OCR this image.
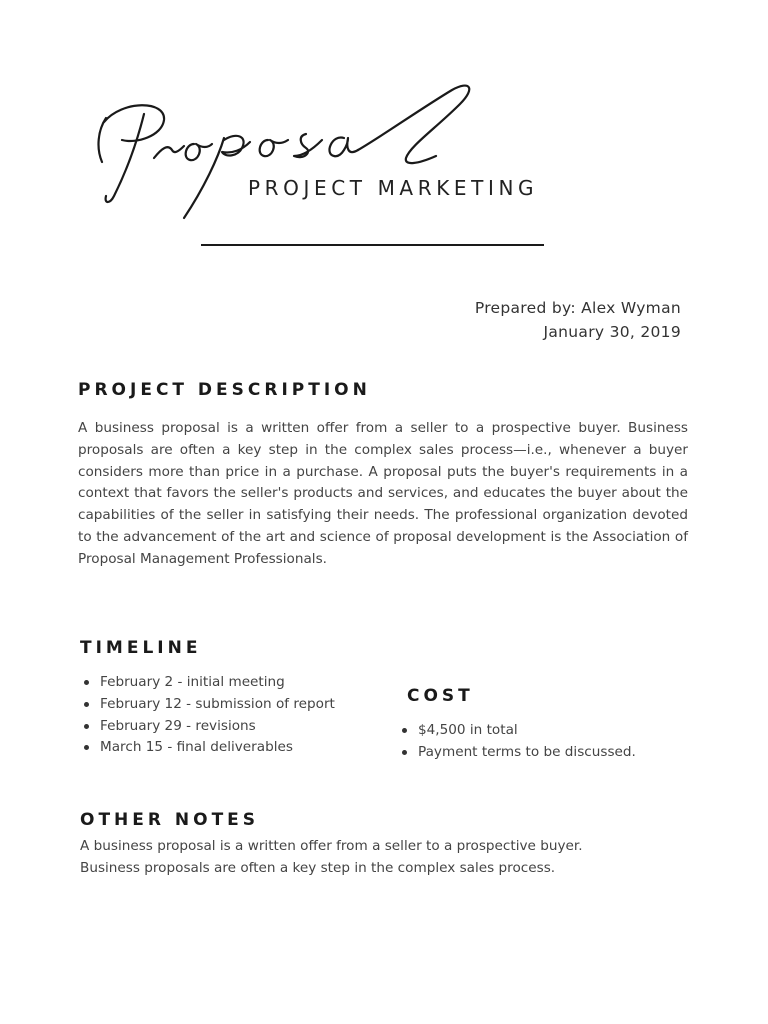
PROJECT MARKETING
Prepared by: Alex Wyman
January 30, 2019
PROJECT DESCRIPTION
A business proposal is a written offer from a seller to a prospective buyer. Business proposals are often a key step in the complex sales process—i.e., whenever a buyer considers more than price in a purchase. A proposal puts the buyer's requirements in a context that favors the seller's products and services, and educates the buyer about the capabilities of the seller in satisfying their needs. The professional organization devoted to the advancement of the art and science of proposal development is the Association of Proposal Management Professionals.
TIMELINE
February 2 - initial meeting
February 12 - submission of report
February 29 - revisions
March 15 - final deliverables
COST
$4,500 in total
Payment terms to be discussed.
OTHER NOTES
A business proposal is a written offer from a seller to a prospective buyer.
Business proposals are often a key step in the complex sales process.
